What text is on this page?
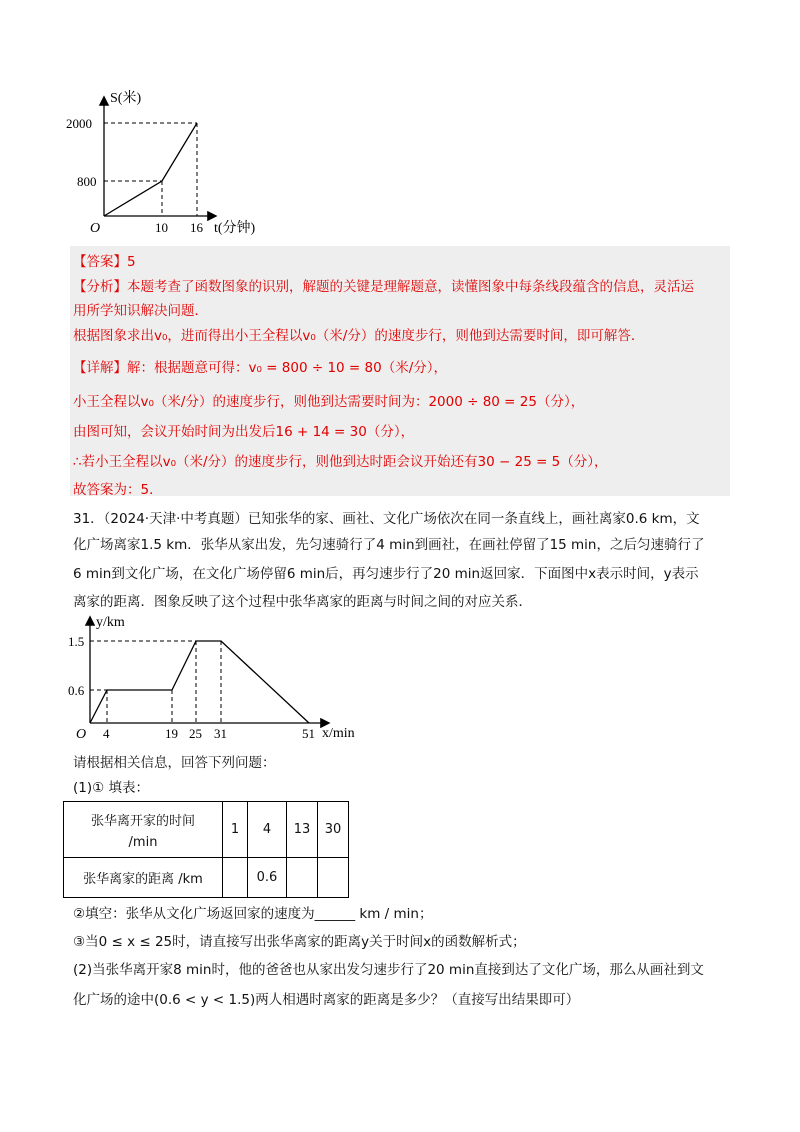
S(米)
2000
800
O	10 16 t(分钟)
【答案】5
【分析】本题考查了函数图象的识别，解题的关键是理解题意，读懂图象中每条线段蕴含的信息，灵活运
用所学知识解决问题．
根据图象求出v₀，进而得出小王全程以v₀（米/分）的速度步行，则他到达需要时间，即可解答．
【详解】解：根据题意可得：v₀ = 800 ÷ 10 = 80（米/分），
小王全程以v₀（米/分）的速度步行，则他到达需要时间为：2000 ÷ 80 = 25（分），
由图可知，会议开始时间为出发后16 + 14 = 30（分），
∴若小王全程以v₀（米/分）的速度步行，则他到达时距会议开始还有30 − 25 = 5（分），
故答案为：5．
31．（2024·天津·中考真题）已知张华的家、画社、文化广场依次在同一条直线上，画社离家0.6 km，文
化广场离家1.5 km．张华从家出发，先匀速骑行了4 min到画社，在画社停留了15 min，之后匀速骑行了
6 min到文化广场，在文化广场停留6 min后，再匀速步行了20 min返回家．下面图中x表示时间，y表示
离家的距离．图象反映了这个过程中张华离家的距离与时间之间的对应关系．
y/km
1.5
0.6
O 4	19 25 31	51 x/min
请根据相关信息，回答下列问题：
(1)① 填表：
张华离开家的时间
/min	1	4	13	30
张华离家的距离 /km		0.6		
②填空：张华从文化广场返回家的速度为______ km / min；
③当0 ≤ x ≤ 25时，请直接写出张华离家的距离y关于时间x的函数解析式；
(2)当张华离开家8 min时，他的爸爸也从家出发匀速步行了20 min直接到达了文化广场，那么从画社到文
化广场的途中(0.6 < y < 1.5)两人相遇时离家的距离是多少？（直接写出结果即可）
